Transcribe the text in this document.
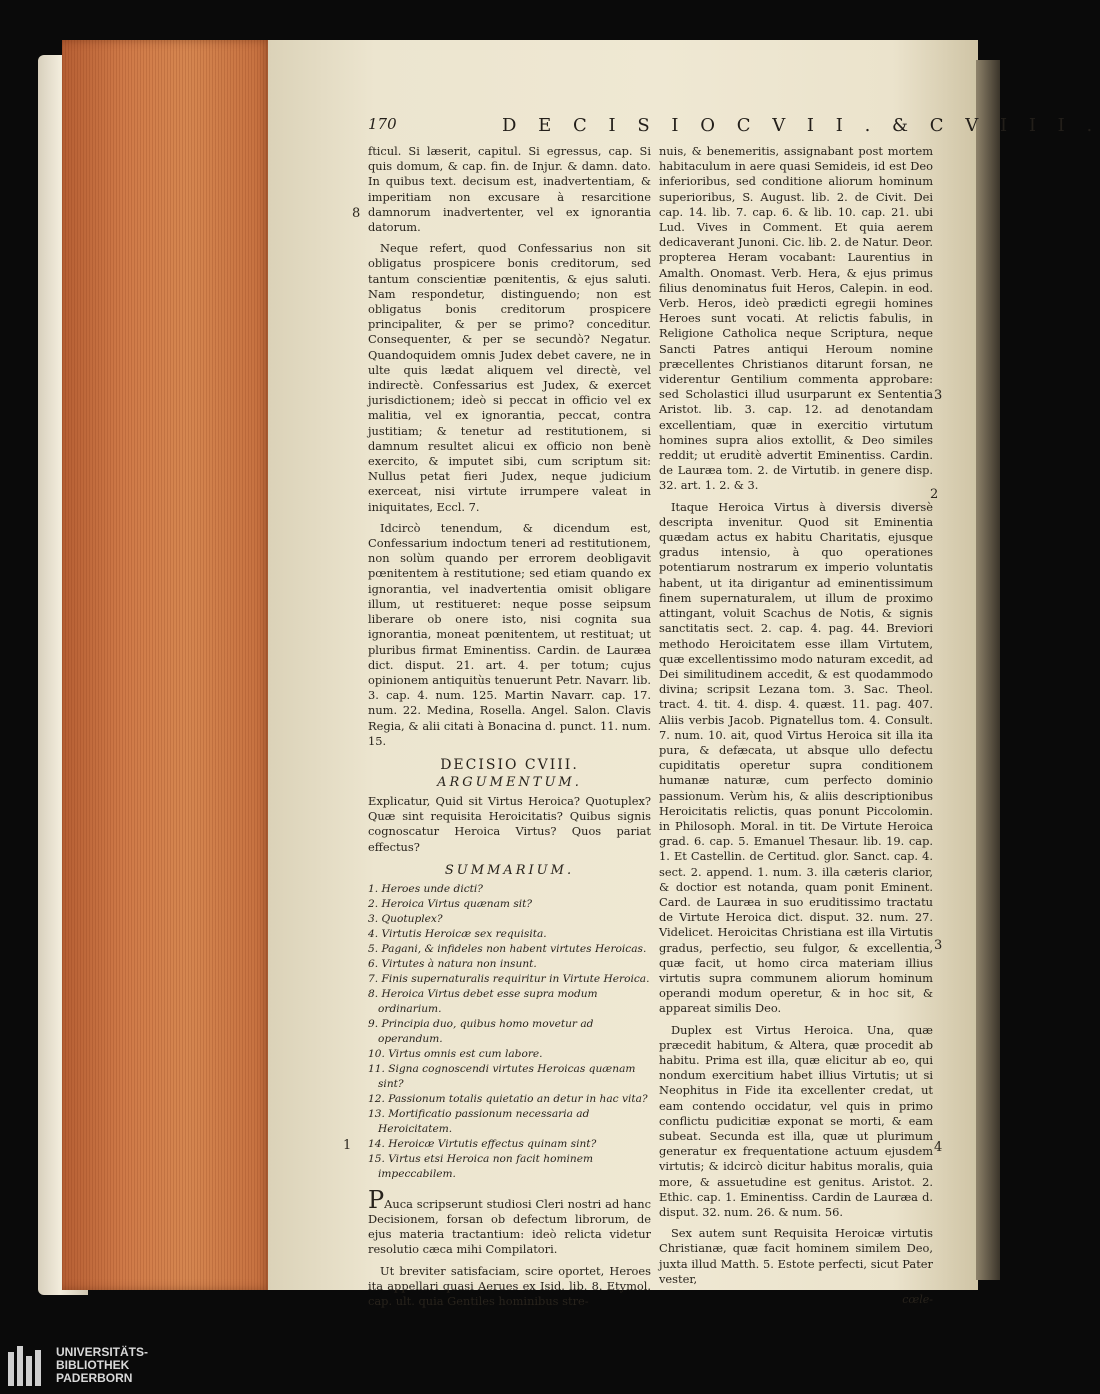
170	D E C I S I O C V I I . & C V I I I .

fticul. Si læserit, capitul. Si egressus, cap. Si quis domum, & cap. fin. de Injur. & damn. dato. In quibus text. decisum est, inadvertentiam, & imperitiam non excusare à resarcitione damnorum inadvertenter, vel ex ignorantia datorum.

Neque refert, quod Confessarius non sit obligatus prospicere bonis creditorum, sed tantum conscientiæ pœnitentis, & ejus saluti. Nam respondetur, distinguendo; non est obligatus bonis creditorum prospicere principaliter, & per se primo? conceditur. Consequenter, & per se secundò? Negatur. Quandoquidem omnis Judex debet cavere, ne in ulte quis lædat aliquem vel directè, vel indirectè. Confessarius est Judex, & exercet jurisdictionem; ideò si peccat in officio vel ex malitia, vel ex ignorantia, peccat, contra justitiam; & tenetur ad restitutionem, si damnum resultet alicui ex officio non benè exercito, & imputet sibi, cum scriptum sit: Nullus petat fieri Judex, neque judicium exerceat, nisi virtute irrumpere valeat in iniquitates, Eccl. 7.

Idcircò tenendum, & dicendum est, Confessarium indoctum teneri ad restitutionem, non solùm quando per errorem deobligavit pœnitentem à restitutione; sed etiam quando ex ignorantia, vel inadvertentia omisit obligare illum, ut restitueret: neque posse seipsum liberare ob onere isto, nisi cognita sua ignorantia, moneat pœnitentem, ut restituat; ut pluribus firmat Eminentiss. Cardin. de Lauræa dict. disput. 21. art. 4. per totum; cujus opinionem antiquitùs tenuerunt Petr. Navarr. lib. 3. cap. 4. num. 125. Martin Navarr. cap. 17. num. 22. Medina, Rosella. Angel. Salon. Clavis Regia, & alii citati à Bonacina d. punct. 11. num. 15.

DECISIO CVIII.
ARGUMENTUM.

Explicatur, Quid sit Virtus Heroica? Quotuplex? Quæ sint requisita Heroicitatis? Quibus signis cognoscatur Heroica Virtus? Quos pariat effectus?

SUMMARIUM.
1. Heroes unde dicti?
2. Heroica Virtus quænam sit?
3. Quotuplex?
4. Virtutis Heroicæ sex requisita.
5. Pagani, & infideles non habent virtutes Heroicas.
6. Virtutes à natura non insunt.
7. Finis supernaturalis requiritur in Virtute Heroica.
8. Heroica Virtus debet esse supra modum ordinarium.
9. Principia duo, quibus homo movetur ad operandum.
10. Virtus omnis est cum labore.
11. Signa cognoscendi virtutes Heroicas quænam sint?
12. Passionum totalis quietatio an detur in hac vita?
13. Mortificatio passionum necessaria ad Heroicitatem.
14. Heroicæ Virtutis effectus quinam sint?
15. Virtus etsi Heroica non facit hominem impeccabilem.

PAuca scripserunt studiosi Cleri nostri ad hanc Decisionem, forsan ob defectum librorum, de ejus materia tractantium: ideò relicta videtur resolutio cæca mihi Compilatori.

Ut breviter satisfaciam, scire oportet, Heroes ita appellari quasi Aerues ex Isid. lib. 8. Etymol. cap. ult. quia Gentiles hominibus stre-

nuis, & benemeritis, assignabant post mortem habitaculum in aere quasi Semideis, id est Deo inferioribus, sed conditione aliorum hominum superioribus, S. August. lib. 2. de Civit. Dei cap. 14. lib. 7. cap. 6. & lib. 10. cap. 21. ubi Lud. Vives in Comment. Et quia aerem dedicaverant Junoni. Cic. lib. 2. de Natur. Deor. propterea Heram vocabant: Laurentius in Amalth. Onomast. Verb. Hera, & ejus primus filius denominatus fuit Heros, Calepin. in eod. Verb. Heros, ideò prædicti egregii homines Heroes sunt vocati. At relictis fabulis, in Religione Catholica neque Scriptura, neque Sancti Patres antiqui Heroum nomine præcellentes Christianos ditarunt forsan, ne viderentur Gentilium commenta approbare: sed Scholastici illud usurparunt ex Sententia Aristot. lib. 3. cap. 12. ad denotandam excellentiam, quæ in exercitio virtutum homines supra alios extollit, & Deo similes reddit; ut eruditè advertit Eminentiss. Cardin. de Lauræa tom. 2. de Virtutib. in genere disp. 32. art. 1. 2. & 3.

Itaque Heroica Virtus à diversis diversè descripta invenitur. Quod sit Eminentia quædam actus ex habitu Charitatis, ejusque gradus intensio, à quo operationes potentiarum nostrarum ex imperio voluntatis habent, ut ita dirigantur ad eminentissimum finem supernaturalem, ut illum de proximo attingant, voluit Scachus de Notis, & signis sanctitatis sect. 2. cap. 4. pag. 44. Breviori methodo Heroicitatem esse illam Virtutem, quæ excellentissimo modo naturam excedit, ad Dei similitudinem accedit, & est quodammodo divina; scripsit Lezana tom. 3. Sac. Theol. tract. 4. tit. 4. disp. 4. quæst. 11. pag. 407. Aliis verbis Jacob. Pignatellus tom. 4. Consult. 7. num. 10. ait, quod Virtus Heroica sit illa ita pura, & defæcata, ut absque ullo defectu cupiditatis operetur supra conditionem humanæ naturæ, cum perfecto dominio passionum. Verùm his, & aliis descriptionibus Heroicitatis relictis, quas ponunt Piccolomin. in Philosoph. Moral. in tit. De Virtute Heroica grad. 6. cap. 5. Emanuel Thesaur. lib. 19. cap. 1. Et Castellin. de Certitud. glor. Sanct. cap. 4. sect. 2. append. 1. num. 3. illa cæteris clarior, & doctior est notanda, quam ponit Eminent. Card. de Lauræa in suo eruditissimo tractatu de Virtute Heroica dict. disput. 32. num. 27. Videlicet. Heroicitas Christiana est illa Virtutis gradus, perfectio, seu fulgor, & excellentia, quæ facit, ut homo circa materiam illius virtutis supra communem aliorum hominum operandi modum operetur, & in hoc sit, & appareat similis Deo.

Duplex est Virtus Heroica. Una, quæ præcedit habitum, & Altera, quæ procedit ab habitu. Prima est illa, quæ elicitur ab eo, qui nondum exercitium habet illius Virtutis; ut si Neophitus in Fide ita excellenter credat, ut eam contendo occidatur, vel quis in primo conflictu pudicitiæ exponat se morti, & eam subeat. Secunda est illa, quæ ut plurimum generatur ex frequentatione actuum ejusdem virtutis; & idcircò dicitur habitus moralis, quia more, & assuetudine est genitus. Aristot. 2. Ethic. cap. 1. Eminentiss. Cardin de Lauræa d. disput. 32. num. 26. & num. 56.

Sex autem sunt Requisita Heroicæ virtutis Christianæ, quæ facit hominem similem Deo, juxta illud Matth. 5. Estote perfecti, sicut Pater vester,

cœle-
8
1
3
2
3
4
UNIVERSITÄTS-
BIBLIOTHEK
PADERBORN
